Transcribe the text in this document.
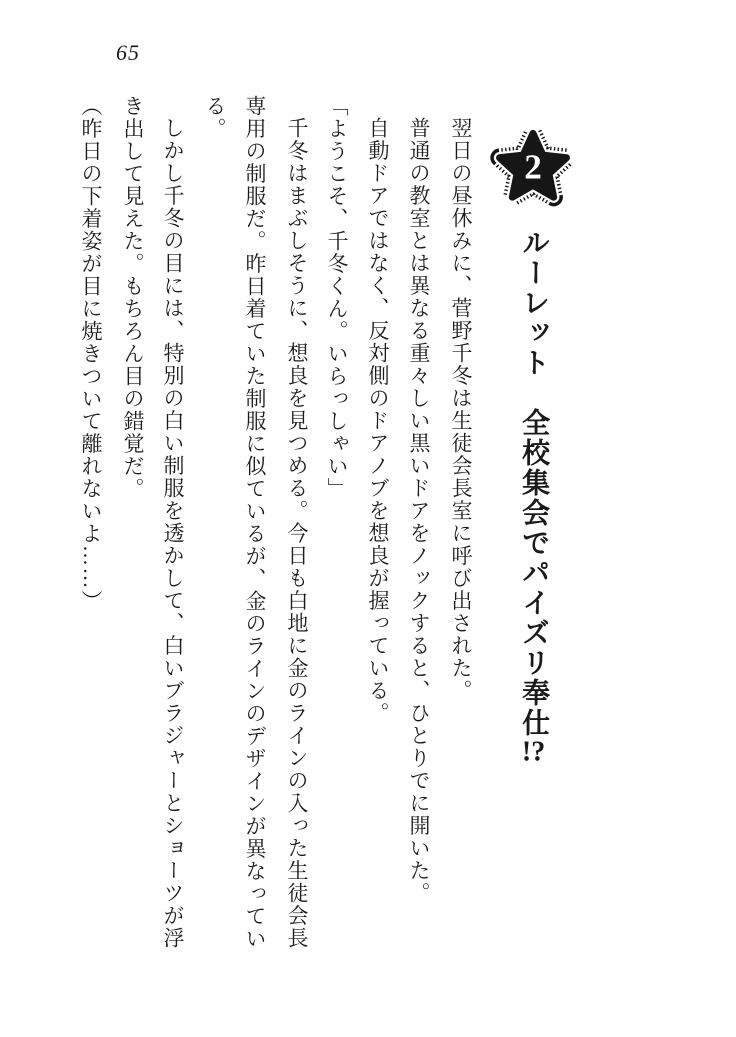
65
2
ルーレット　全校集会でパイズリ奉仕!?
翌日の昼休みに、菅野千冬は生徒会長室に呼び出された。
普通の教室とは異なる重々しい黒いドアをノックすると、ひとりでに開いた。
自動ドアではなく、反対側のドアノブを想良が握っている。
「ようこそ、千冬くん。いらっしゃい」
千冬はまぶしそうに、想良を見つめる。今日も白地に金のラインの入った生徒会長
専用の制服だ。昨日着ていた制服に似ているが、金のラインのデザインが異なってい
る。
しかし千冬の目には、特別の白い制服を透かして、白いブラジャーとショーツが浮
き出して見えた。もちろん目の錯覚だ。
（昨日の下着姿が目に焼きついて離れないよ……）
